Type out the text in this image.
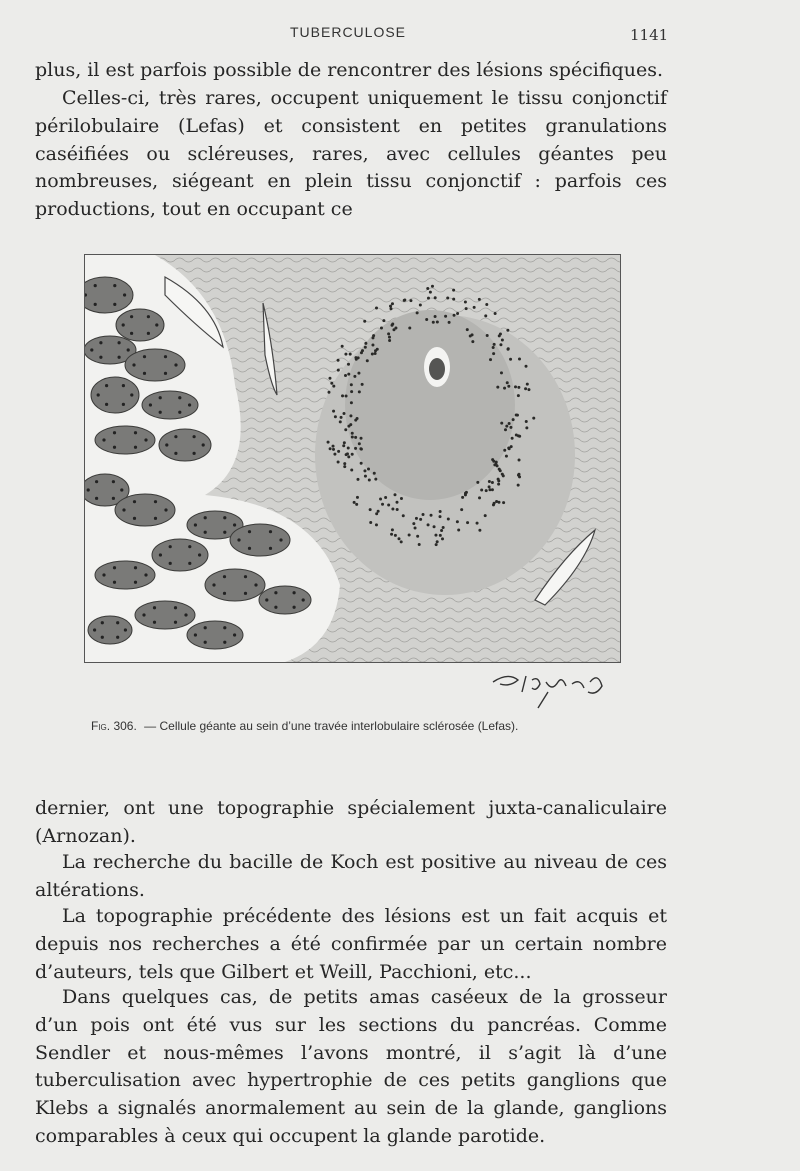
TUBERCULOSE	1141

plus, il est parfois possible de rencontrer des lésions spécifiques.

Celles-ci, très rares, occupent uniquement le tissu conjonctif périlobulaire (Lefas) et consistent en petites granulations caséifiées ou scléreuses, rares, avec cellules géantes peu nombreuses, siégeant en plein tissu conjonctif : parfois ces productions, tout en occupant ce

Fig. 306. — Cellule géante au sein d’une travée interlobulaire sclérosée (Lefas).

dernier, ont une topographie spécialement juxta-canaliculaire (Arnozan).

La recherche du bacille de Koch est positive au niveau de ces altérations.

La topographie précédente des lésions est un fait acquis et depuis nos recherches a été confirmée par un certain nombre d’auteurs, tels que Gilbert et Weill, Pacchioni, etc...

Dans quelques cas, de petits amas caséeux de la grosseur d’un pois ont été vus sur les sections du pancréas. Comme Sendler et nous-mêmes l’avons montré, il s’agit là d’une tuberculisation avec hypertrophie de ces petits ganglions que Klebs a signalés anormalement au sein de la glande, ganglions comparables à ceux qui occupent la glande parotide.
